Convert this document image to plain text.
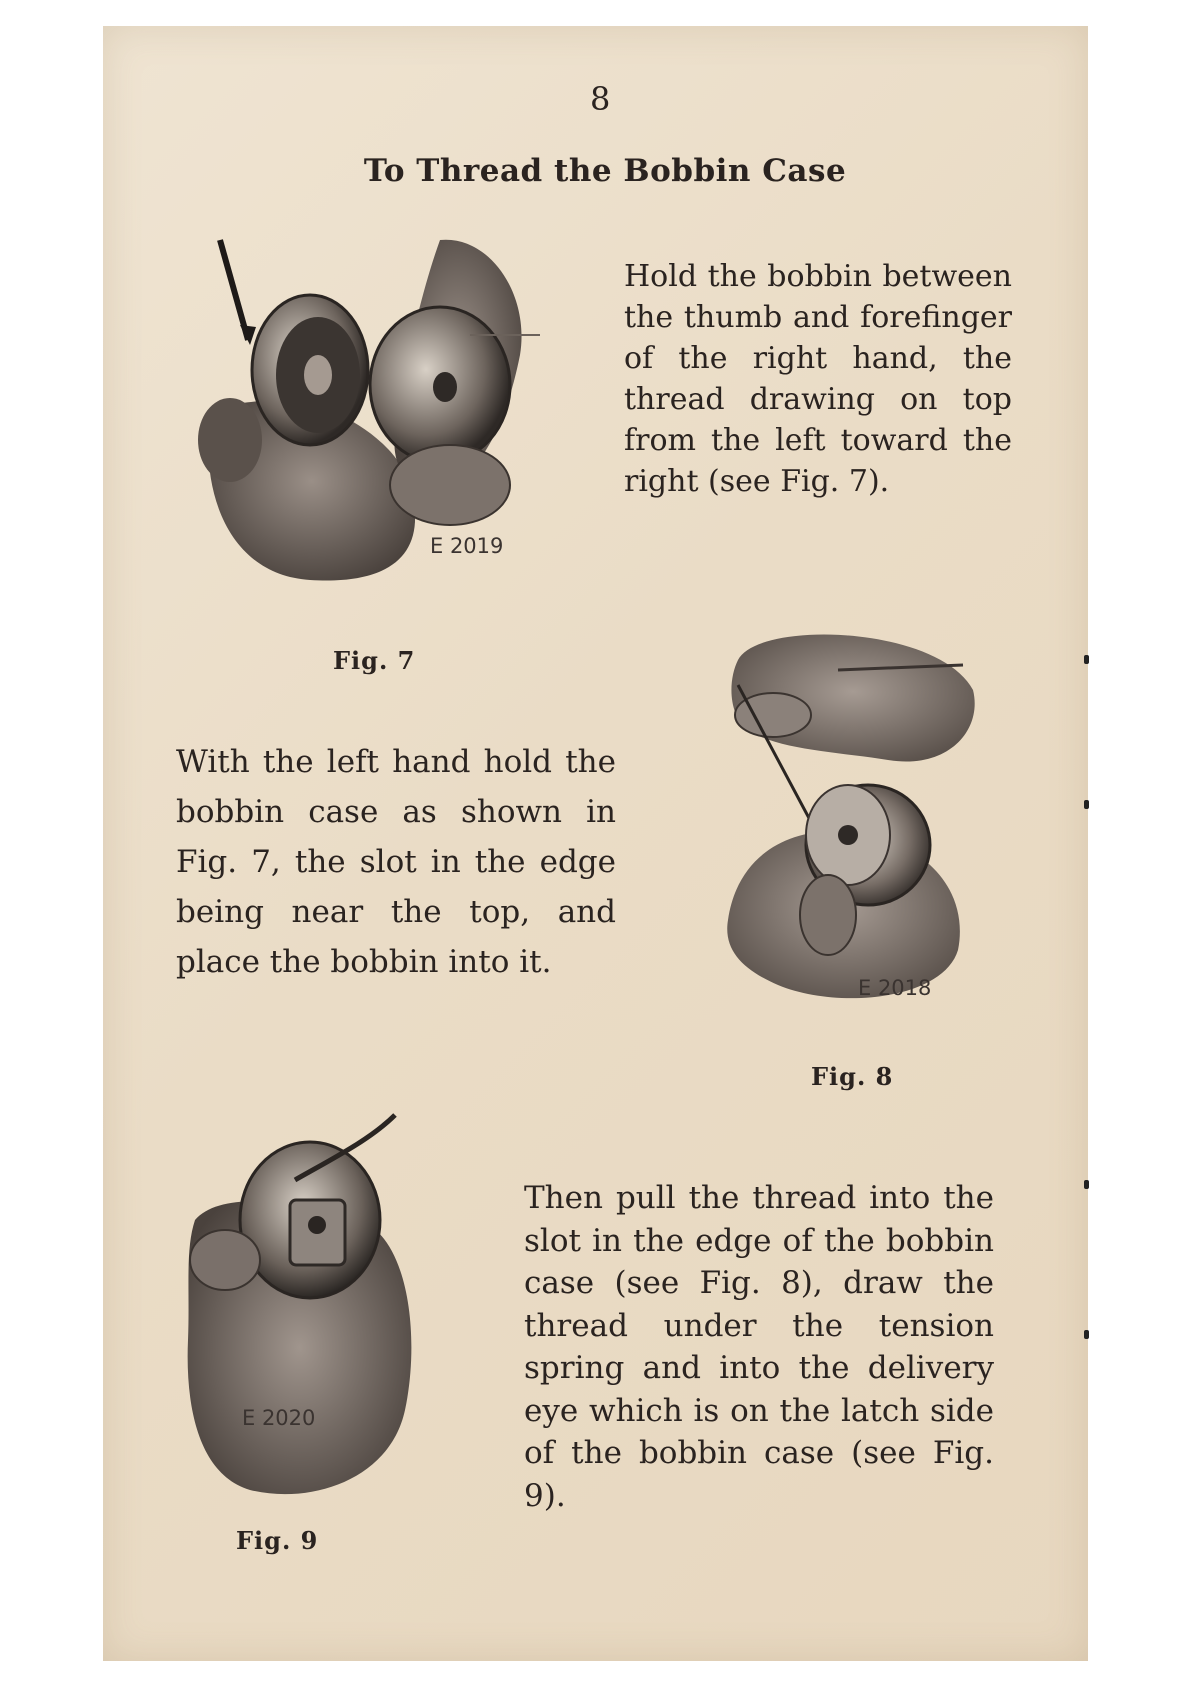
8
To Thread the Bobbin Case
E 2019

Hold the bobbin between the thumb and forefinger of the right hand, the thread drawing on top from the left toward the right (see Fig. 7).

Fig. 7

With the left hand hold the bobbin case as shown in Fig. 7, the slot in the edge being near the top, and place the bobbin into it.

E 2018
Fig. 8
E 2020

Then pull the thread into the slot in the edge of the bobbin case (see Fig. 8), draw the thread under the tension spring and into the delivery eye which is on the latch side of the bobbin case (see Fig. 9).

Fig. 9
